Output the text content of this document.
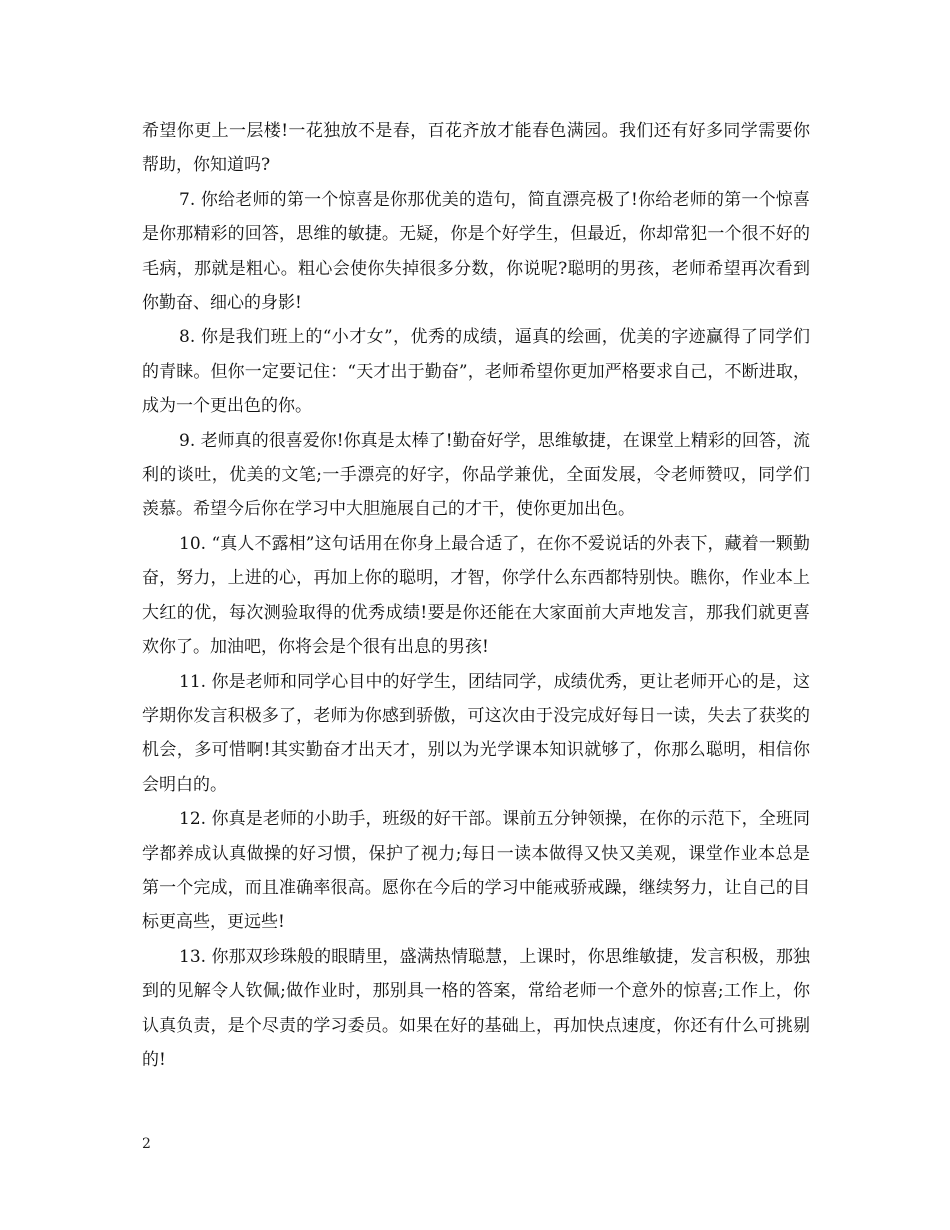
希望你更上一层楼!一花独放不是春，百花齐放才能春色满园。我们还有好多同学需要你帮助，你知道吗?

7. 你给老师的第一个惊喜是你那优美的造句，简直漂亮极了!你给老师的第一个惊喜是你那精彩的回答，思维的敏捷。无疑，你是个好学生，但最近，你却常犯一个很不好的毛病，那就是粗心。粗心会使你失掉很多分数，你说呢?聪明的男孩，老师希望再次看到你勤奋、细心的身影!

8. 你是我们班上的“小才女”，优秀的成绩，逼真的绘画，优美的字迹赢得了同学们的青睐。但你一定要记住：“天才出于勤奋”，老师希望你更加严格要求自己，不断进取，成为一个更出色的你。

9. 老师真的很喜爱你!你真是太棒了!勤奋好学，思维敏捷，在课堂上精彩的回答，流利的谈吐，优美的文笔;一手漂亮的好字，你品学兼优，全面发展，令老师赞叹，同学们羡慕。希望今后你在学习中大胆施展自己的才干，使你更加出色。

10. “真人不露相”这句话用在你身上最合适了，在你不爱说话的外表下，藏着一颗勤奋，努力，上进的心，再加上你的聪明，才智，你学什么东西都特别快。瞧你，作业本上大红的优，每次测验取得的优秀成绩!要是你还能在大家面前大声地发言，那我们就更喜欢你了。加油吧，你将会是个很有出息的男孩!

11. 你是老师和同学心目中的好学生，团结同学，成绩优秀，更让老师开心的是，这学期你发言积极多了，老师为你感到骄傲，可这次由于没完成好每日一读，失去了获奖的机会，多可惜啊!其实勤奋才出天才，别以为光学课本知识就够了，你那么聪明，相信你会明白的。

12. 你真是老师的小助手，班级的好干部。课前五分钟领操，在你的示范下，全班同学都养成认真做操的好习惯，保护了视力;每日一读本做得又快又美观，课堂作业本总是第一个完成，而且准确率很高。愿你在今后的学习中能戒骄戒躁，继续努力，让自己的目标更高些，更远些!

13. 你那双珍珠般的眼睛里，盛满热情聪慧，上课时，你思维敏捷，发言积极，那独到的见解令人钦佩;做作业时，那别具一格的答案，常给老师一个意外的惊喜;工作上，你认真负责，是个尽责的学习委员。如果在好的基础上，再加快点速度，你还有什么可挑剔的!

2
